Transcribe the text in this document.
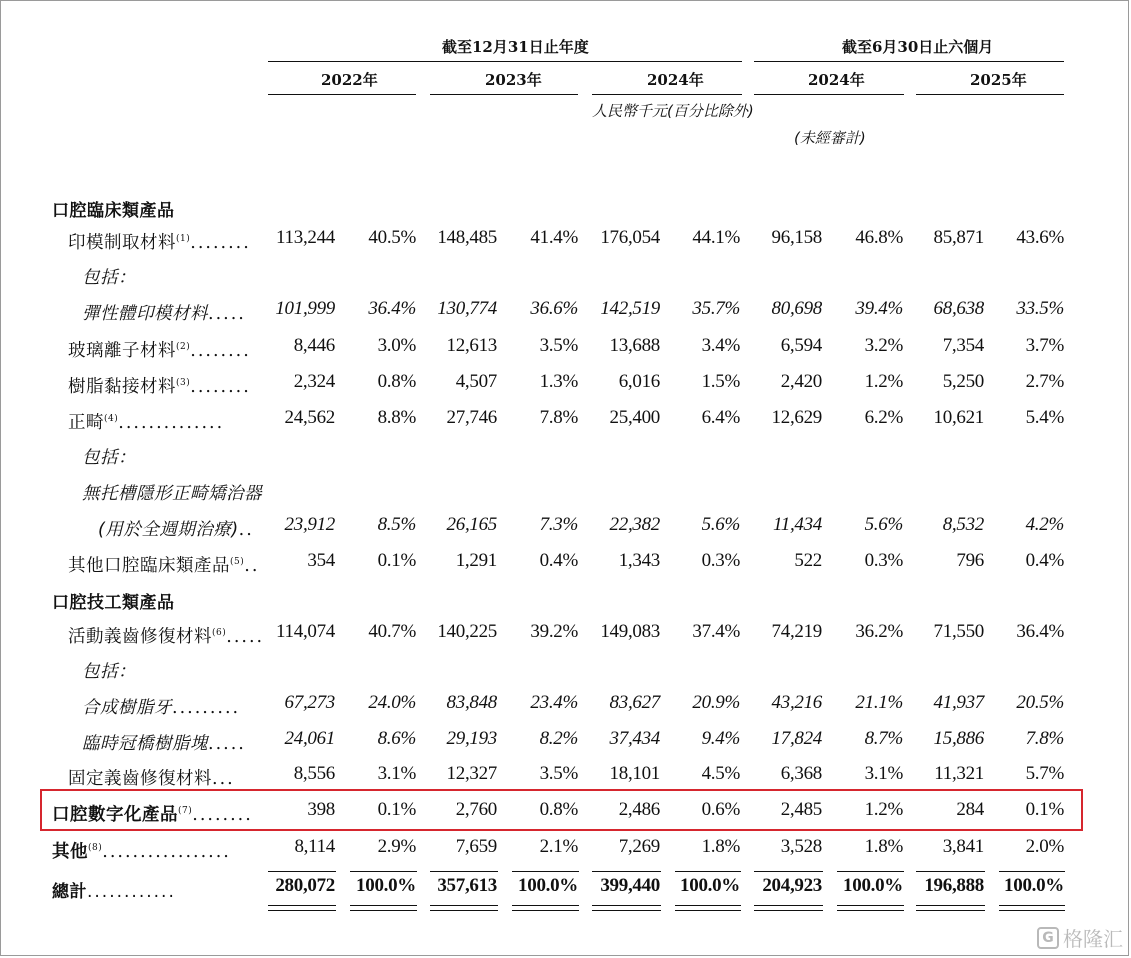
截至12月31日止年度	截至6月30日止六個月
2022年	2023年	2024年	2024年	2025年
人民幣千元(百分比除外)
(未經審計)
口腔臨床類產品
印模制取材料$^{(1)}$........ 113,244 40.5% 148,485 41.4% 176,054 44.1% 96,158 46.8% 85,871 43.6%
包括：
彈性體印模材料..... 101,999 36.4% 130,774 36.6% 142,519 35.7% 80,698 39.4% 68,638 33.5%
玻璃離子材料$^{(2)}$........ 8,446 3.0% 12,613 3.5% 13,688 3.4% 6,594 3.2% 7,354 3.7%
樹脂黏接材料$^{(3)}$........ 2,324 0.8% 4,507 1.3% 6,016 1.5% 2,420 1.2% 5,250 2.7%
正畸$^{(4)}$..............	24,562 8.8% 27,746 7.8% 25,400 6.4% 12,629 6.2% 10,621 5.4%
包括：
無托槽隱形正畸矯治器
(用於全週期治療).. 23,912 8.5% 26,165 7.3% 22,382 5.6% 11,434 5.6% 8,532 4.2%
其他口腔臨床類產品$^{(5)}$..	354 0.1% 1,291 0.4% 1,343 0.3%	522 0.3%	796 0.4%
口腔技工類產品
活動義齒修復材料$^{(6)}$..... 114,074 40.7% 140,225 39.2% 149,083 37.4% 74,219 36.2% 71,550 36.4%
包括：
合成樹脂牙......... 67,273 24.0% 83,848 23.4% 83,627 20.9% 43,216 21.1% 41,937 20.5%
臨時冠橋樹脂塊..... 24,061 8.6% 29,193 8.2% 37,434 9.4% 17,824 8.7% 15,886 7.8%
固定義齒修復材料...	8,556 3.1% 12,327 3.5% 18,101 4.5% 6,368 3.1% 11,321 5.7%
口腔數字化產品$^{(7)}$........	398 0.1% 2,760 0.8% 2,486 0.6% 2,485 1.2%	284 0.1%
其他$^{(8)}$.................	8,114 2.9% 7,659 2.1% 7,269 1.8% 3,528 1.8% 3,841 2.0%
總計............	280,072 100.0% 357,613 100.0% 399,440 100.0% 204,923 100.0% 196,888 100.0%
G 格隆汇
